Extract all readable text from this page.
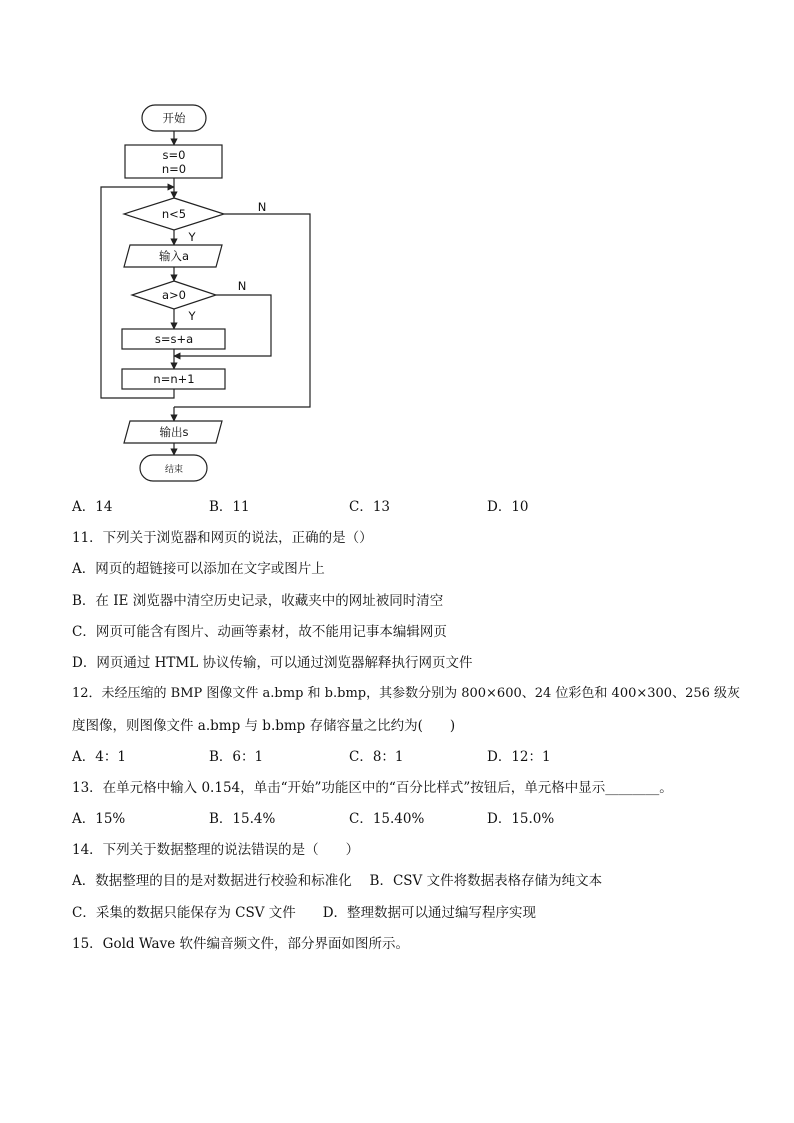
开始
s=0
n=0
n<5
输入a
a>0
s=s+a
n=n+1
输出s
结束
Y
N
Y
N
A．14	B．11	C．13	D．10
11．下列关于浏览器和网页的说法，正确的是（）
A．网页的超链接可以添加在文字或图片上
B．在 IE 浏览器中清空历史记录，收藏夹中的网址被同时清空
C．网页可能含有图片、动画等素材，故不能用记事本编辑网页
D．网页通过 HTML 协议传输，可以通过浏览器解释执行网页文件
12．未经压缩的 BMP 图像文件 a.bmp 和 b.bmp，其参数分别为 800×600、24 位彩色和 400×300、256 级灰
度图像，则图像文件 a.bmp 与 b.bmp 存储容量之比约为(　　)
A．4：1	B．6：1	C．8：1	D．12：1
13．在单元格中输入 0.154，单击“开始”功能区中的“百分比样式”按钮后，单元格中显示________。
A．15%	B．15.4%	C．15.40%	D．15.0%
14．下列关于数据整理的说法错误的是（　　）
A．数据整理的目的是对数据进行校验和标准化　 B．CSV 文件将数据表格存储为纯文本
C．采集的数据只能保存为 CSV 文件　　D．整理数据可以通过编写程序实现
15．Gold Wave 软件编音频文件，部分界面如图所示。
